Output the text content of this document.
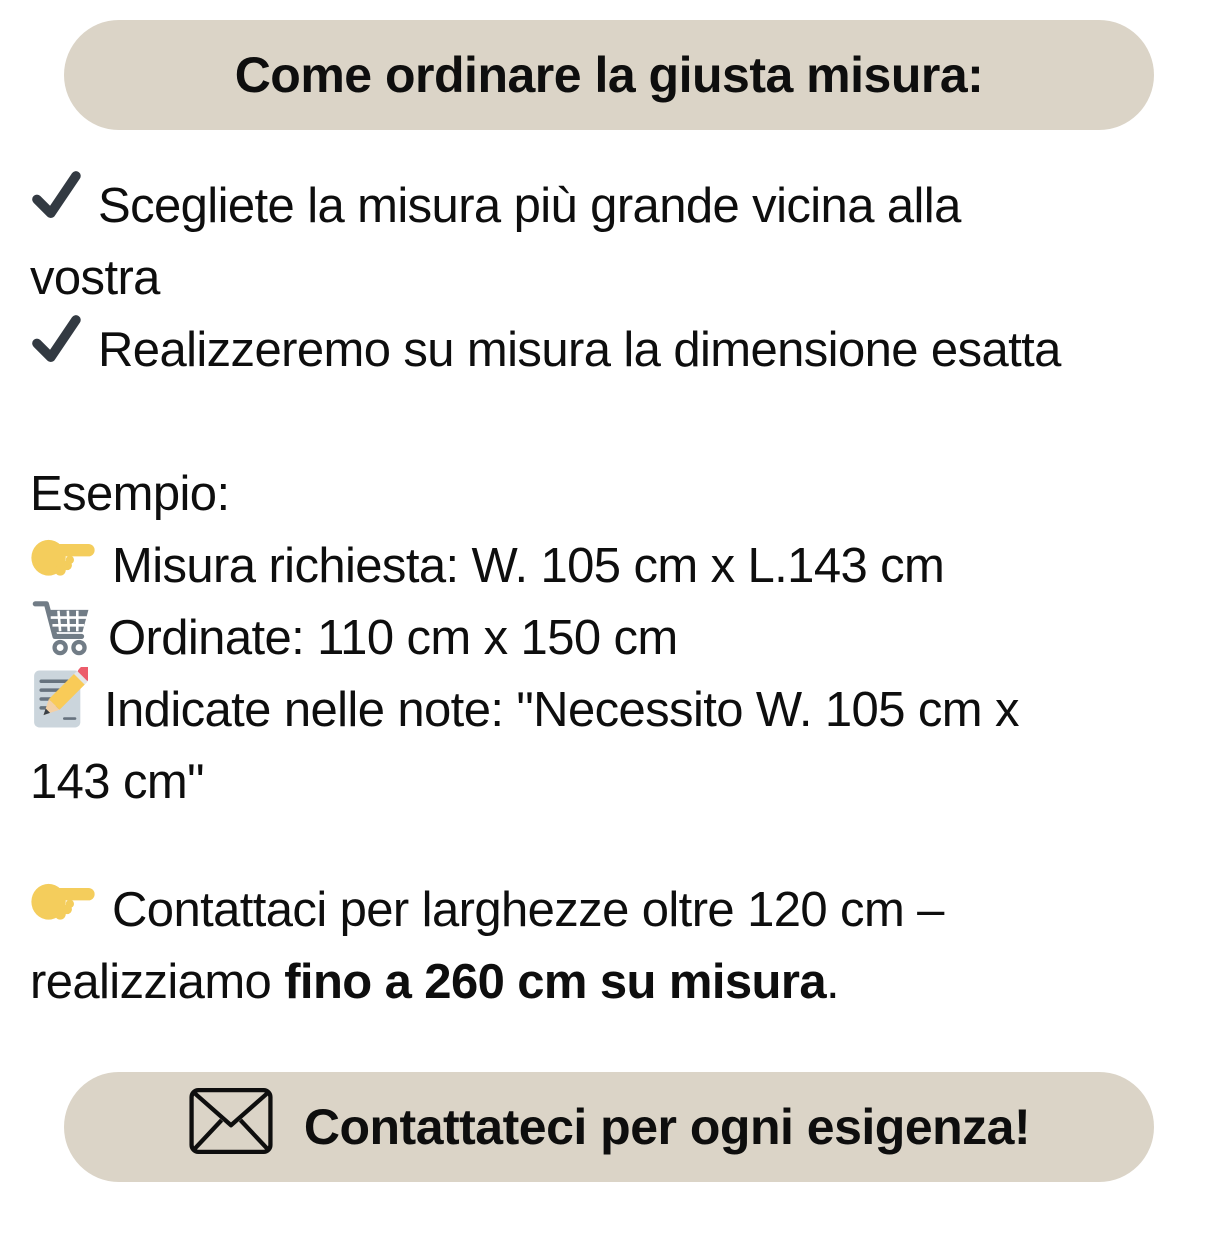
Come ordinare la giusta misura:
Scegliete la misura più grande vicina alla
vostra
Realizzeremo su misura la dimensione esatta
Esempio:
Misura richiesta: W. 105 cm x L.143 cm
Ordinate: 110 cm x 150 cm
Indicate nelle note: "Necessito W. 105 cm x
143 cm"
Contattaci per larghezze oltre 120 cm –
realizziamo fino a 260 cm su misura.
Contattateci per ogni esigenza!
